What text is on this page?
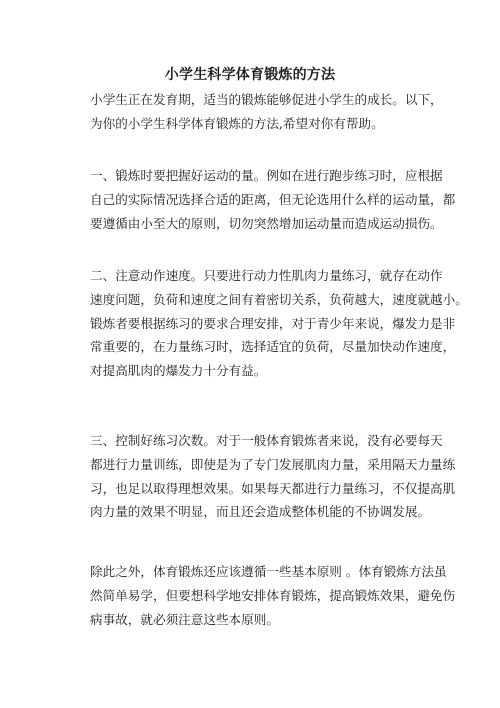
小学生科学体育锻炼的方法

小学生正在发育期，适当的锻炼能够促进小学生的成长。以下，
为你的小学生科学体育锻炼的方法,希望对你有帮助。

一、锻炼时要把握好运动的量。例如在进行跑步练习时，应根据
自己的实际情况选择合适的距离，但无论选用什么样的运动量，都
要遵循由小至大的原则，切勿突然增加运动量而造成运动损伤。

二、注意动作速度。只要进行动力性肌肉力量练习，就存在动作
速度问题，负荷和速度之间有着密切关系，负荷越大，速度就越小。
锻炼者要根据练习的要求合理安排，对于青少年来说，爆发力是非
常重要的，在力量练习时，选择适宜的负荷，尽量加快动作速度，
对提高肌肉的爆发力十分有益。

三、控制好练习次数。对于一般体育锻炼者来说，没有必要每天
都进行力量训练，即使是为了专门发展肌肉力量，采用隔天力量练
习，也足以取得理想效果。如果每天都进行力量练习，不仅提高肌
肉力量的效果不明显，而且还会造成整体机能的不协调发展。

除此之外，体育锻炼还应该遵循一些基本原则 。体育锻炼方法虽
然简单易学，但要想科学地安排体育锻炼，提高锻炼效果，避免伤
病事故，就必须注意这些本原则。
